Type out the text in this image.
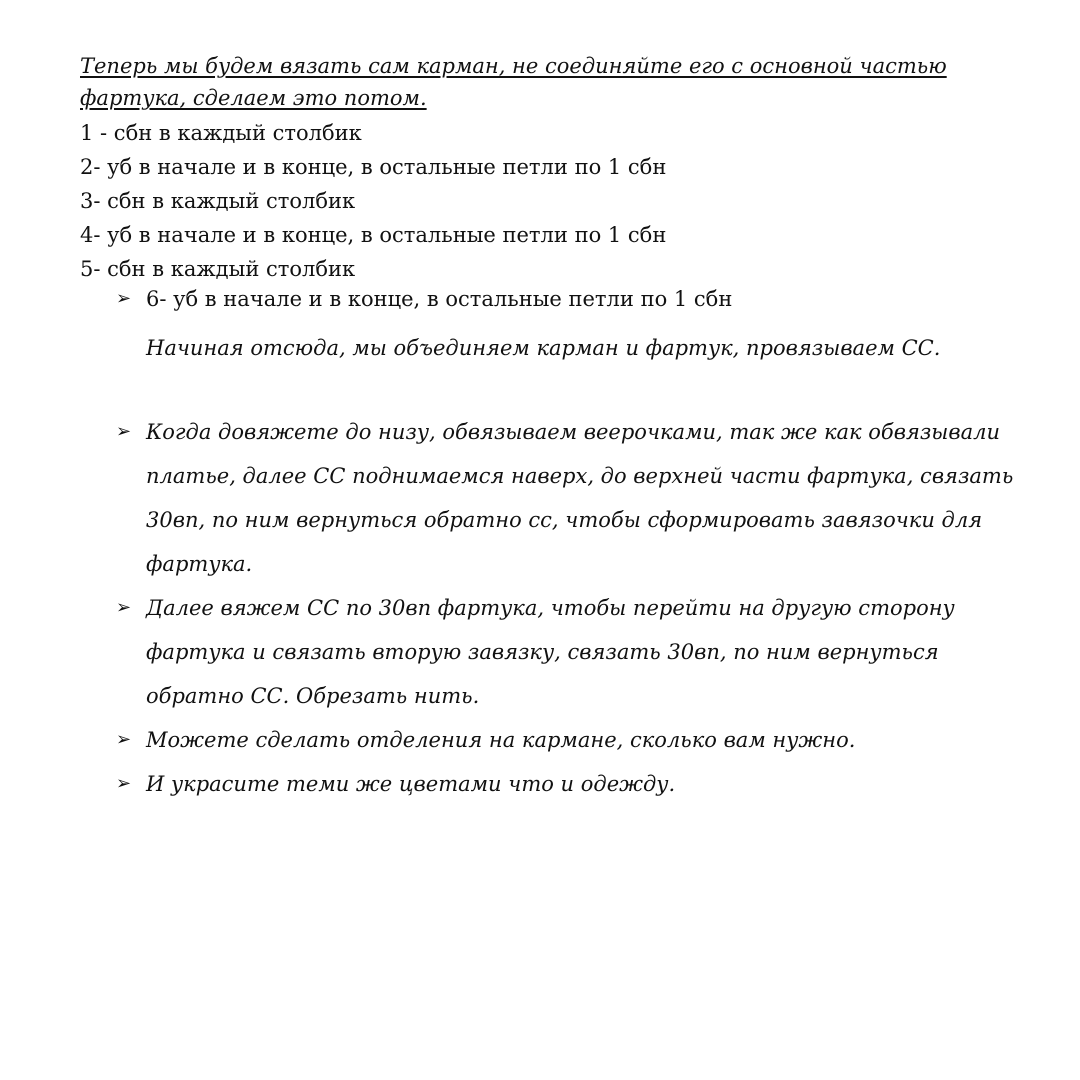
Теперь мы будем вязать сам карман, не соединяйте его с основной частью фартука, сделаем это потом.

1 - сбн в каждый столбик
2- уб в начале и в конце, в остальные петли по 1 сбн
3- сбн в каждый столбик
4- уб в начале и в конце, в остальные петли по 1 сбн
5- сбн в каждый столбик
➢ 6- уб в начале и в конце, в остальные петли по 1 сбн

Начиная отсюда, мы объединяем карман и фартук, провязываем СС.

➢ Когда довяжете до низу, обвязываем веерочками, так же как обвязывали платье, далее СС поднимаемся наверх, до верхней части фартука, связать 30вп, по ним вернуться обратно сс, чтобы сформировать завязочки для фартука.
➢ Далее вяжем СС по 30вп фартука, чтобы перейти на другую сторону фартука и связать вторую завязку, связать 30вп, по ним вернуться обратно СС. Обрезать нить.
➢ Можете сделать отделения на кармане, сколько вам нужно.
➢ И украсите теми же цветами что и одежду.
